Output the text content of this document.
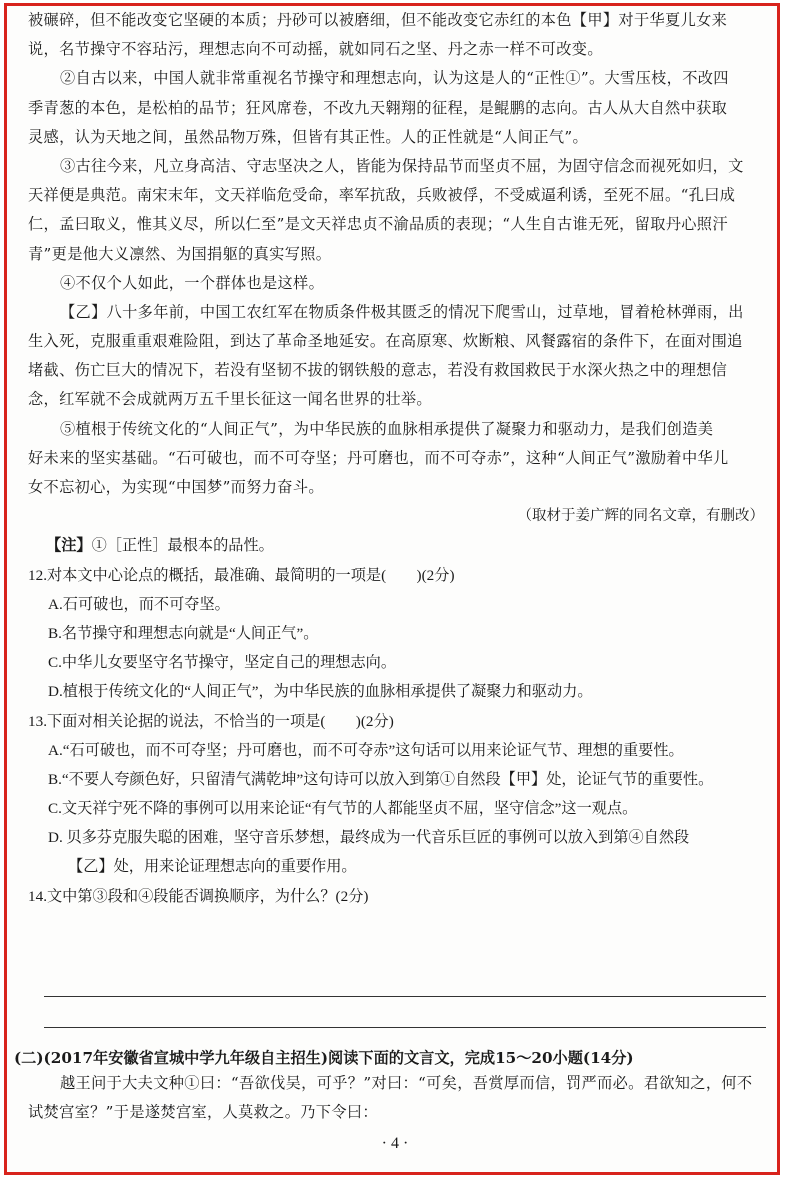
被碾碎，但不能改变它坚硬的本质；丹砂可以被磨细，但不能改变它赤红的本色【甲】对于华夏儿女来
说，名节操守不容玷污，理想志向不可动摇，就如同石之坚、丹之赤一样不可改变。
②自古以来，中国人就非常重视名节操守和理想志向，认为这是人的“正性①”。大雪压枝，不改四
季青葱的本色，是松柏的品节；狂风席卷，不改九天翱翔的征程，是鲲鹏的志向。古人从大自然中获取
灵感，认为天地之间，虽然品物万殊，但皆有其正性。人的正性就是“人间正气”。
③古往今来，凡立身高洁、守志坚决之人，皆能为保持品节而坚贞不屈，为固守信念而视死如归，文
天祥便是典范。南宋末年，文天祥临危受命，率军抗敌，兵败被俘，不受威逼利诱，至死不屈。“孔曰成
仁，孟曰取义，惟其义尽，所以仁至”是文天祥忠贞不渝品质的表现；“人生自古谁无死，留取丹心照汗
青”更是他大义凛然、为国捐躯的真实写照。
④不仅个人如此，一个群体也是这样。
【乙】八十多年前，中国工农红军在物质条件极其匮乏的情况下爬雪山，过草地，冒着枪林弹雨，出
生入死，克服重重艰难险阻，到达了革命圣地延安。在高原寒、炊断粮、风餐露宿的条件下，在面对围追
堵截、伤亡巨大的情况下，若没有坚韧不拔的钢铁般的意志，若没有救国救民于水深火热之中的理想信
念，红军就不会成就两万五千里长征这一闻名世界的壮举。
⑤植根于传统文化的“人间正气”，为中华民族的血脉相承提供了凝聚力和驱动力，是我们创造美
好未来的坚实基础。“石可破也，而不可夺坚；丹可磨也，而不可夺赤”，这种“人间正气”激励着中华儿
女不忘初心，为实现“中国梦”而努力奋斗。
（取材于姜广辉的同名文章，有删改）
【注】①［正性］最根本的品性。
12.对本文中心论点的概括，最准确、最简明的一项是(　　)(2分)
A.石可破也，而不可夺坚。
B.名节操守和理想志向就是“人间正气”。
C.中华儿女要坚守名节操守，坚定自己的理想志向。
D.植根于传统文化的“人间正气”，为中华民族的血脉相承提供了凝聚力和驱动力。
13.下面对相关论据的说法，不恰当的一项是(　　)(2分)
A.“石可破也，而不可夺坚；丹可磨也，而不可夺赤”这句话可以用来论证气节、理想的重要性。
B.“不要人夸颜色好，只留清气满乾坤”这句诗可以放入到第①自然段【甲】处，论证气节的重要性。
C.文天祥宁死不降的事例可以用来论证“有气节的人都能坚贞不屈，坚守信念”这一观点。
D. 贝多芬克服失聪的困难，坚守音乐梦想，最终成为一代音乐巨匠的事例可以放入到第④自然段
【乙】处，用来论证理想志向的重要作用。
14.文中第③段和④段能否调换顺序，为什么？(2分)
(二)(2017年安徽省宣城中学九年级自主招生)阅读下面的文言文，完成15～20小题(14分)
越王问于大夫文种①曰：“吾欲伐吴，可乎？”对曰：“可矣，吾赏厚而信，罚严而必。君欲知之，何不
试焚宫室？”于是遂焚宫室，人莫救之。乃下令曰：
· 4 ·
